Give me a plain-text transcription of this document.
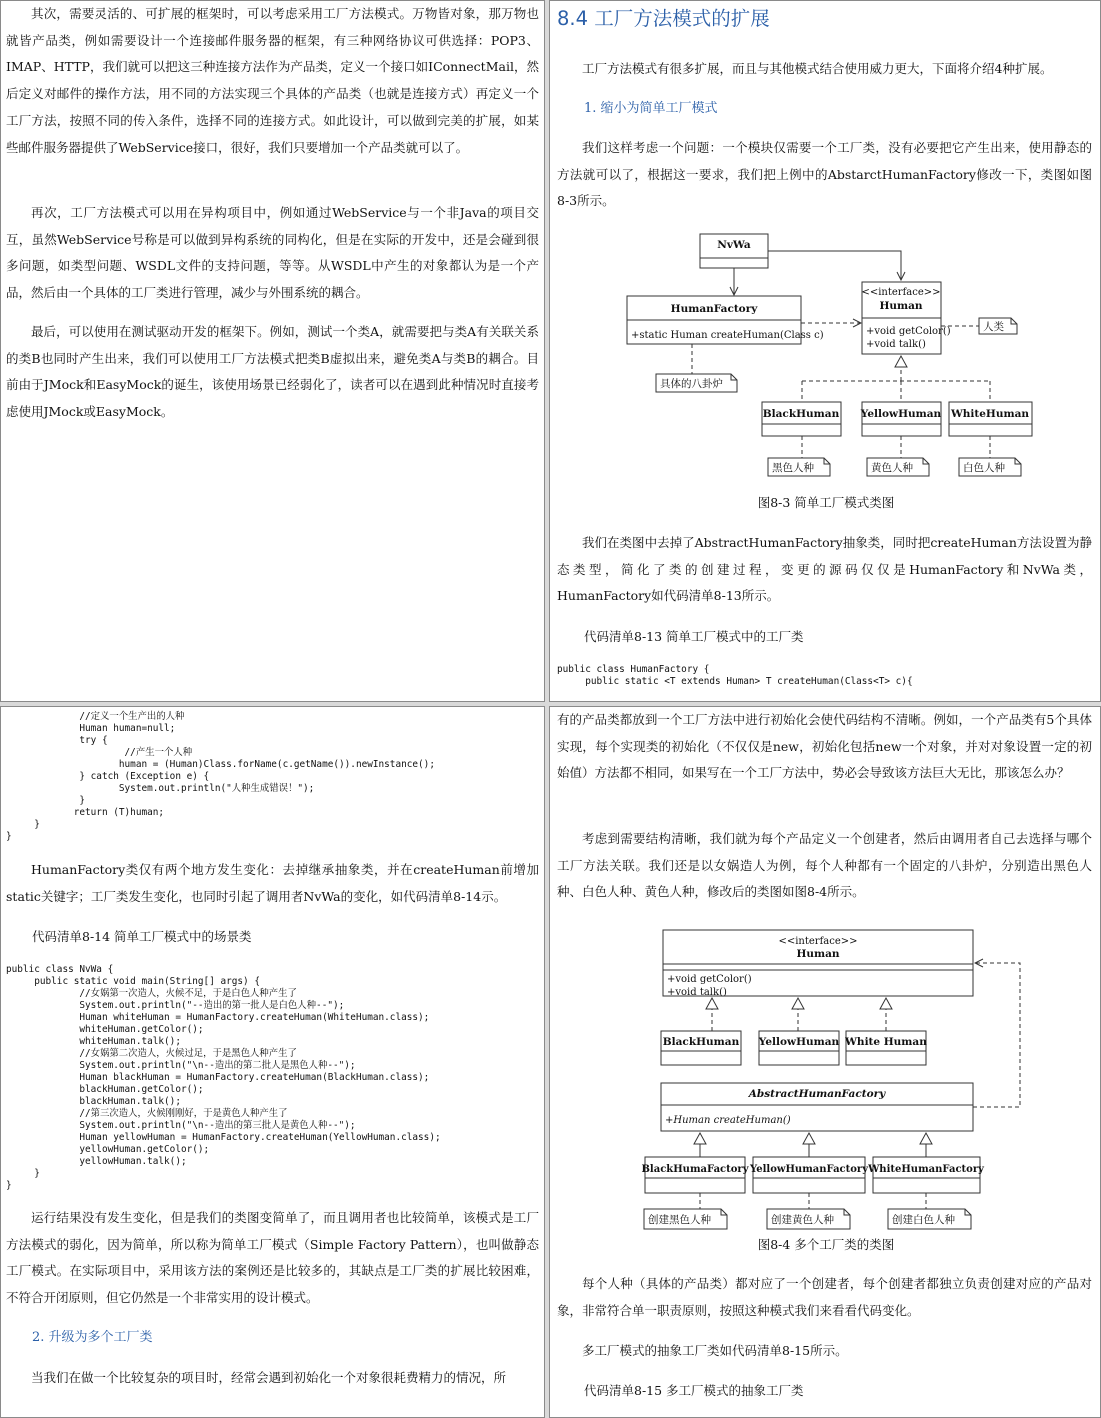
其次，需要灵活的、可扩展的框架时，可以考虑采用工厂方法模式。万物皆对象，那万物也就皆产品类，例如需要设计一个连接邮件服务器的框架，有三种网络协议可供选择：POP3、IMAP、HTTP，我们就可以把这三种连接方法作为产品类，定义一个接口如IConnectMail，然后定义对邮件的操作方法，用不同的方法实现三个具体的产品类（也就是连接方式）再定义一个工厂方法，按照不同的传入条件，选择不同的连接方式。如此设计，可以做到完美的扩展，如某些邮件服务器提供了WebService接口，很好，我们只要增加一个产品类就可以了。

再次，工厂方法模式可以用在异构项目中，例如通过WebService与一个非Java的项目交互，虽然WebService号称是可以做到异构系统的同构化，但是在实际的开发中，还是会碰到很多问题，如类型问题、WSDL文件的支持问题，等等。从WSDL中产生的对象都认为是一个产品，然后由一个具体的工厂类进行管理，减少与外围系统的耦合。

最后，可以使用在测试驱动开发的框架下。例如，测试一个类A，就需要把与类A有关联关系的类B也同时产生出来，我们可以使用工厂方法模式把类B虚拟出来，避免类A与类B的耦合。目前由于JMock和EasyMock的诞生，该使用场景已经弱化了，读者可以在遇到此种情况时直接考虑使用JMock或EasyMock。

8.4 工厂方法模式的扩展

工厂方法模式有很多扩展，而且与其他模式结合使用威力更大，下面将介绍4种扩展。

1. 缩小为简单工厂模式

我们这样考虑一个问题：一个模块仅需要一个工厂类，没有必要把它产生出来，使用静态的方法就可以了，根据这一要求，我们把上例中的AbstarctHumanFactory修改一下，类图如图8-3所示。

NvWa
HumanFactory
+static Human createHuman(Class c)
<<interface>>
Human
+void getColor()
+void talk()
人类
具体的八卦炉
BlackHuman YellowHuman WhiteHuman
黑色人种	黄色人种	白色人种

图8-3 简单工厂模式类图

我们在类图中去掉了AbstractHumanFactory抽象类，同时把createHuman方法设置为静态类型，简化了类的创建过程，变更的源码仅仅是HumanFactory和NvWa类，HumanFactory如代码清单8-13所示。

代码清单8-13 简单工厂模式中的工厂类

public class HumanFactory {
public static <T extends Human> T createHuman(Class<T> c){
//定义一个生产出的人种
Human human=null;
try {
//产生一个人种
human = (Human)Class.forName(c.getName()).newInstance();
} catch (Exception e) {
System.out.println("人种生成错误！");
}
return (T)human;
}
}

HumanFactory类仅有两个地方发生变化：去掉继承抽象类，并在createHuman前增加static关键字；工厂类发生变化，也同时引起了调用者NvWa的变化，如代码清单8-14示。

代码清单8-14 简单工厂模式中的场景类

public class NvWa {
public static void main(String[] args) {
//女娲第一次造人，火候不足，于是白色人种产生了
System.out.println("--造出的第一批人是白色人种--");
Human whiteHuman = HumanFactory.createHuman(WhiteHuman.class);
whiteHuman.getColor();
whiteHuman.talk();
//女娲第二次造人，火候过足，于是黑色人种产生了
System.out.println("\n--造出的第二批人是黑色人种--");
Human blackHuman = HumanFactory.createHuman(BlackHuman.class);
blackHuman.getColor();
blackHuman.talk();
//第三次造人，火候刚刚好，于是黄色人种产生了
System.out.println("\n--造出的第三批人是黄色人种--");
Human yellowHuman = HumanFactory.createHuman(YellowHuman.class);
yellowHuman.getColor();
yellowHuman.talk();
}
}

运行结果没有发生变化，但是我们的类图变简单了，而且调用者也比较简单，该模式是工厂方法模式的弱化，因为简单，所以称为简单工厂模式（Simple Factory Pattern），也叫做静态工厂模式。在实际项目中，采用该方法的案例还是比较多的，其缺点是工厂类的扩展比较困难，不符合开闭原则，但它仍然是一个非常实用的设计模式。

2. 升级为多个工厂类

当我们在做一个比较复杂的项目时，经常会遇到初始化一个对象很耗费精力的情况，所

有的产品类都放到一个工厂方法中进行初始化会使代码结构不清晰。例如，一个产品类有5个具体实现，每个实现类的初始化（不仅仅是new，初始化包括new一个对象，并对对象设置一定的初始值）方法都不相同，如果写在一个工厂方法中，势必会导致该方法巨大无比，那该怎么办？

考虑到需要结构清晰，我们就为每个产品定义一个创建者，然后由调用者自己去选择与哪个工厂方法关联。我们还是以女娲造人为例，每个人种都有一个固定的八卦炉，分别造出黑色人种、白色人种、黄色人种，修改后的类图如图8-4所示。

<<interface>>
Human
+void getColor()
+void talk()
BlackHuman YellowHuman White Human
AbstractHumanFactory
+Human createHuman()
BlackHumaFactory YellowHumanFactory WhiteHumanFactory
创建黑色人种	创建黄色人种	创建白色人种

图8-4 多个工厂类的类图

每个人种（具体的产品类）都对应了一个创建者，每个创建者都独立负责创建对应的产品对象，非常符合单一职责原则，按照这种模式我们来看看代码变化。

多工厂模式的抽象工厂类如代码清单8-15所示。

代码清单8-15 多工厂模式的抽象工厂类
